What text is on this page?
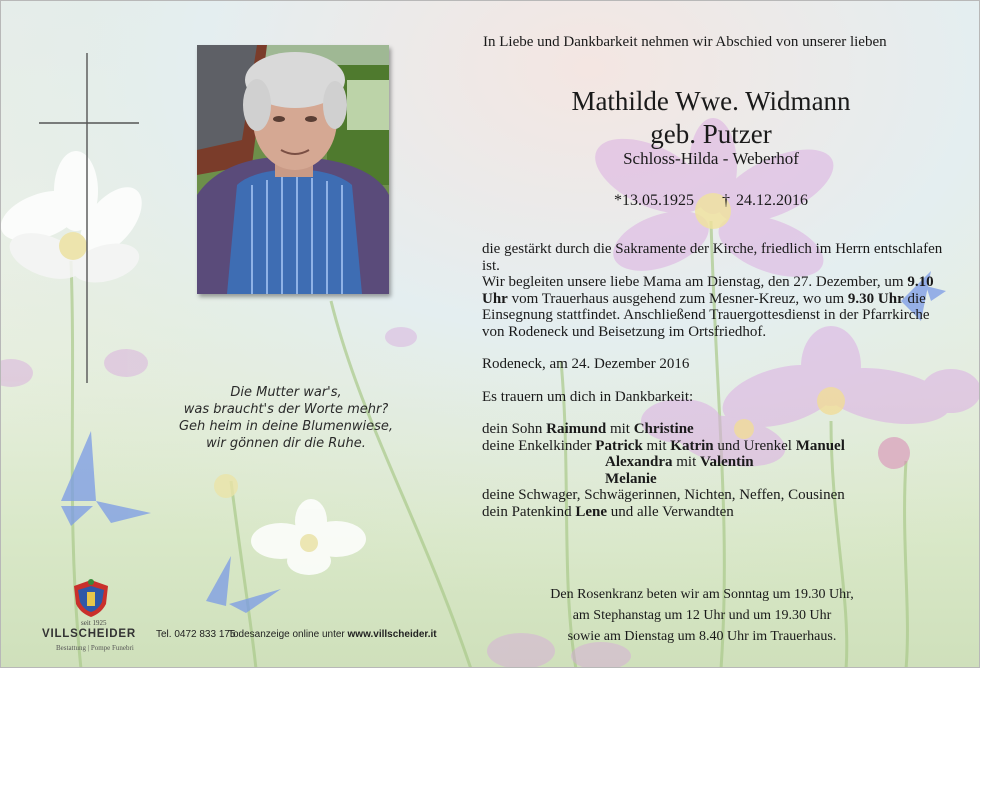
In Liebe und Dankbarkeit nehmen wir Abschied von unserer lieben
Mathilde Wwe. Widmann
geb. Putzer
Schloss-Hilda - Weberhof
*13.05.1925 † 24.12.2016

die gestärkt durch die Sakramente der Kirche, friedlich im Herrn entschlafen ist.

Wir begleiten unsere liebe Mama am Dienstag, den 27. Dezember, um 9.10 Uhr vom Trauerhaus ausgehend zum Mesner-Kreuz, wo um 9.30 Uhr die Einsegnung stattfindet. Anschließend Trauergottesdienst in der Pfarrkirche von Rodeneck und Beisetzung im Ortsfriedhof.

Rodeneck, am 24. Dezember 2016

Es trauern um dich in Dankbarkeit:

dein Sohn Raimund mit Christine

deine Enkelkinder Patrick mit Katrin und Urenkel Manuel

Alexandra mit Valentin

Melanie

deine Schwager, Schwägerinnen, Nichten, Neffen, Cousinen

dein Patenkind Lene und alle Verwandten

Den Rosenkranz beten wir am Sonntag um 19.30 Uhr,
am Stephanstag um 12 Uhr und um 19.30 Uhr
sowie am Dienstag um 8.40 Uhr im Trauerhaus.
Die Mutter war's,
was braucht's der Worte mehr?
Geh heim in deine Blumenwiese,
wir gönnen dir die Ruhe.
seit 1925
VILLSCHEIDER
Bestattung | Pompe Funebri
Tel. 0472 833 175
Todesanzeige online unter www.villscheider.it
